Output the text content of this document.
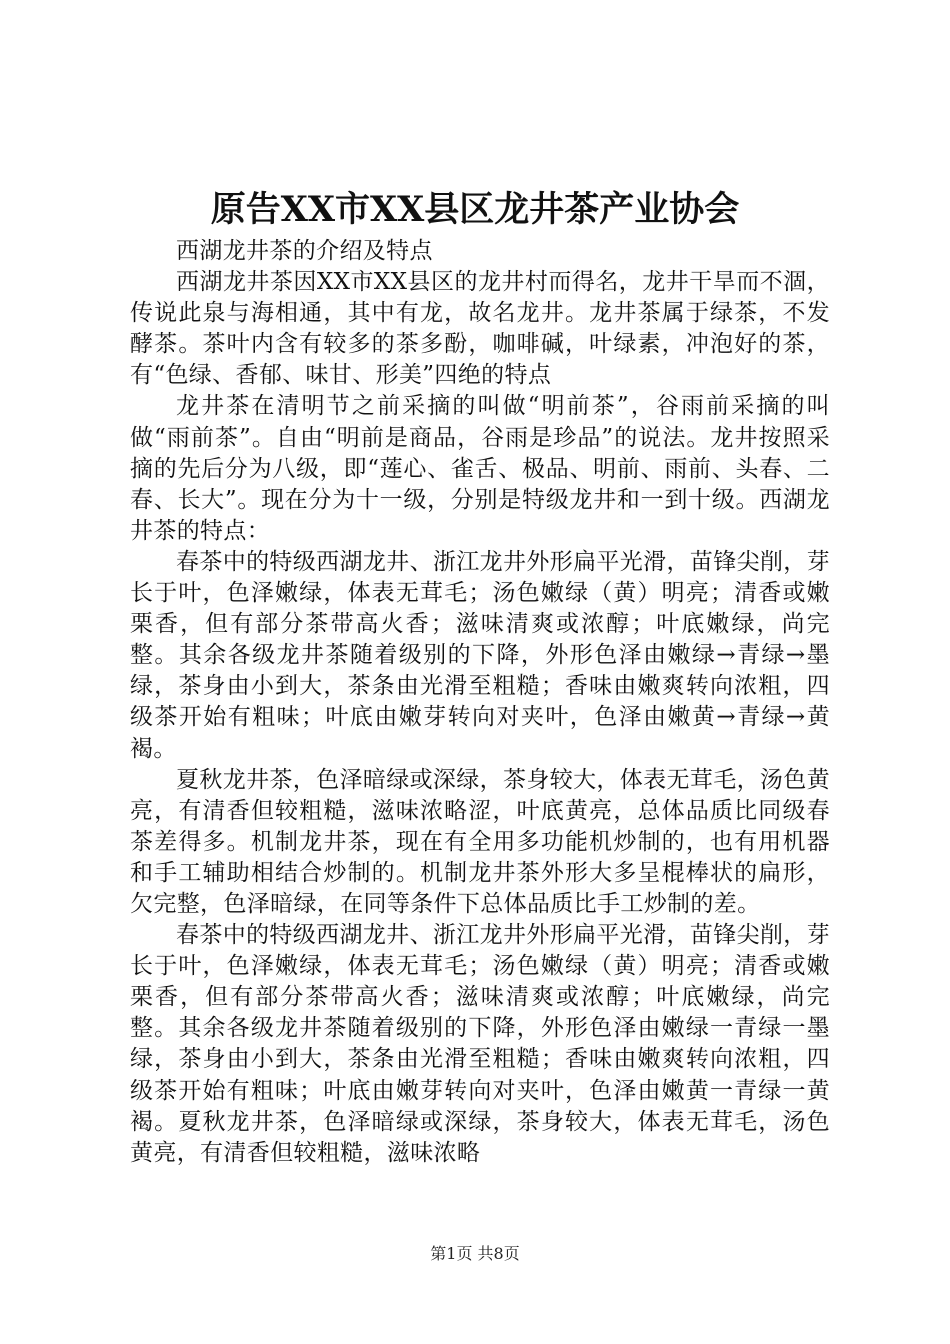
原告XX市XX县区龙井茶产业协会

西湖龙井茶的介绍及特点

西湖龙井茶因XX市XX县区的龙井村而得名，龙井干旱而不涸，传说此泉与海相通，其中有龙，故名龙井。龙井茶属于绿茶，不发酵茶。茶叶内含有较多的茶多酚，咖啡碱，叶绿素，冲泡好的茶，有“色绿、香郁、味甘、形美”四绝的特点

龙井茶在清明节之前采摘的叫做“明前茶”，谷雨前采摘的叫做“雨前茶”。自由“明前是商品，谷雨是珍品”的说法。龙井按照采摘的先后分为八级，即“莲心、雀舌、极品、明前、雨前、头春、二春、长大”。现在分为十一级，分别是特级龙井和一到十级。西湖龙井茶的特点：

春茶中的特级西湖龙井、浙江龙井外形扁平光滑，苗锋尖削，芽长于叶，色泽嫩绿，体表无茸毛；汤色嫩绿（黄）明亮；清香或嫩栗香，但有部分茶带高火香；滋味清爽或浓醇；叶底嫩绿，尚完整。其余各级龙井茶随着级别的下降，外形色泽由嫩绿→青绿→墨绿，茶身由小到大，茶条由光滑至粗糙；香味由嫩爽转向浓粗，四级茶开始有粗味；叶底由嫩芽转向对夹叶，色泽由嫩黄→青绿→黄褐。

夏秋龙井茶，色泽暗绿或深绿，茶身较大，体表无茸毛，汤色黄亮，有清香但较粗糙，滋味浓略涩，叶底黄亮，总体品质比同级春茶差得多。机制龙井茶，现在有全用多功能机炒制的，也有用机器和手工辅助相结合炒制的。机制龙井茶外形大多呈棍棒状的扁形，欠完整，色泽暗绿，在同等条件下总体品质比手工炒制的差。

春茶中的特级西湖龙井、浙江龙井外形扁平光滑，苗锋尖削，芽长于叶，色泽嫩绿，体表无茸毛；汤色嫩绿（黄）明亮；清香或嫩栗香，但有部分茶带高火香；滋味清爽或浓醇；叶底嫩绿，尚完整。其余各级龙井茶随着级别的下降，外形色泽由嫩绿一青绿一墨绿，茶身由小到大，茶条由光滑至粗糙；香味由嫩爽转向浓粗，四级茶开始有粗味；叶底由嫩芽转向对夹叶，色泽由嫩黄一青绿一黄褐。夏秋龙井茶，色泽暗绿或深绿，茶身较大，体表无茸毛，汤色黄亮，有清香但较粗糙，滋味浓略

第1页 共8页
